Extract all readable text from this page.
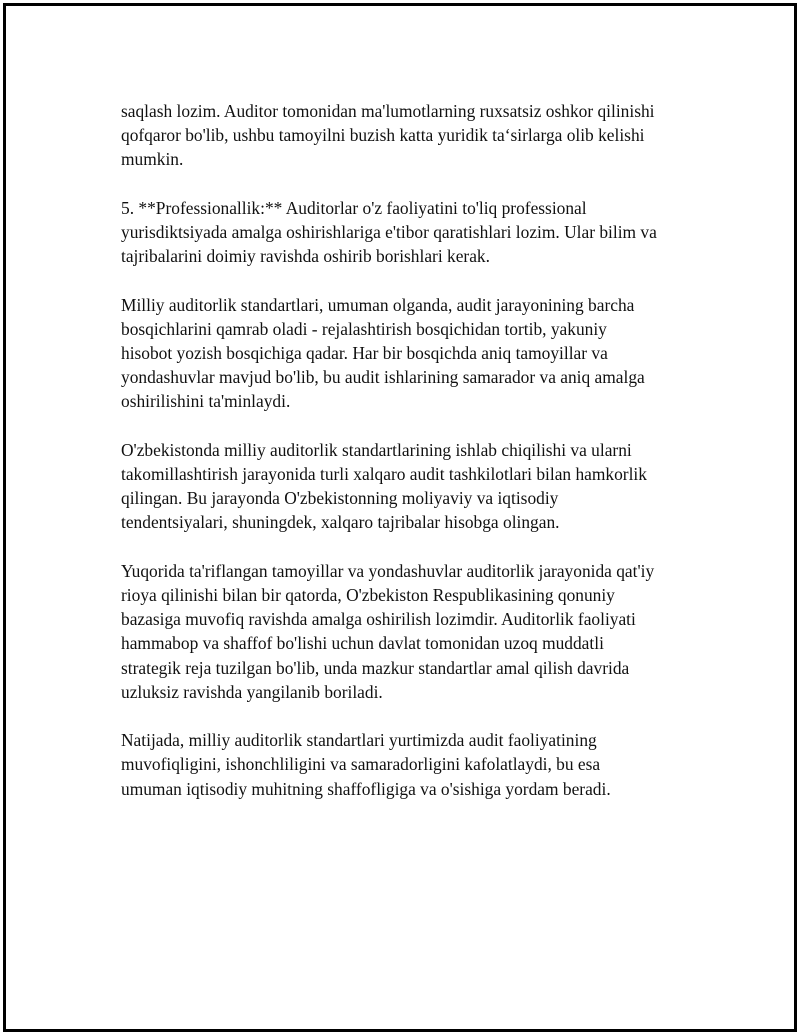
saqlash lozim. Auditor tomonidan ma'lumotlarning ruxsatsiz oshkor qilinishi
qofqaror bo'lib, ushbu tamoyilni buzish katta yuridik ta‘sirlarga olib kelishi
mumkin.

5. **Professionallik:** Auditorlar o'z faoliyatini to'liq professional
yurisdiktsiyada amalga oshirishlariga e'tibor qaratishlari lozim. Ular bilim va
tajribalarini doimiy ravishda oshirib borishlari kerak.

Milliy auditorlik standartlari, umuman olganda, audit jarayonining barcha
bosqichlarini qamrab oladi - rejalashtirish bosqichidan tortib, yakuniy
hisobot yozish bosqichiga qadar. Har bir bosqichda aniq tamoyillar va
yondashuvlar mavjud bo'lib, bu audit ishlarining samarador va aniq amalga
oshirilishini ta'minlaydi.

O'zbekistonda milliy auditorlik standartlarining ishlab chiqilishi va ularni
takomillashtirish jarayonida turli xalqaro audit tashkilotlari bilan hamkorlik
qilingan. Bu jarayonda O'zbekistonning moliyaviy va iqtisodiy
tendentsiyalari, shuningdek, xalqaro tajribalar hisobga olingan.

Yuqorida ta'riflangan tamoyillar va yondashuvlar auditorlik jarayonida qat'iy
rioya qilinishi bilan bir qatorda, O'zbekiston Respublikasining qonuniy
bazasiga muvofiq ravishda amalga oshirilish lozimdir. Auditorlik faoliyati
hammabop va shaffof bo'lishi uchun davlat tomonidan uzoq muddatli
strategik reja tuzilgan bo'lib, unda mazkur standartlar amal qilish davrida
uzluksiz ravishda yangilanib boriladi.

Natijada, milliy auditorlik standartlari yurtimizda audit faoliyatining
muvofiqligini, ishonchliligini va samaradorligini kafolatlaydi, bu esa
umuman iqtisodiy muhitning shaffofligiga va o'sishiga yordam beradi.
